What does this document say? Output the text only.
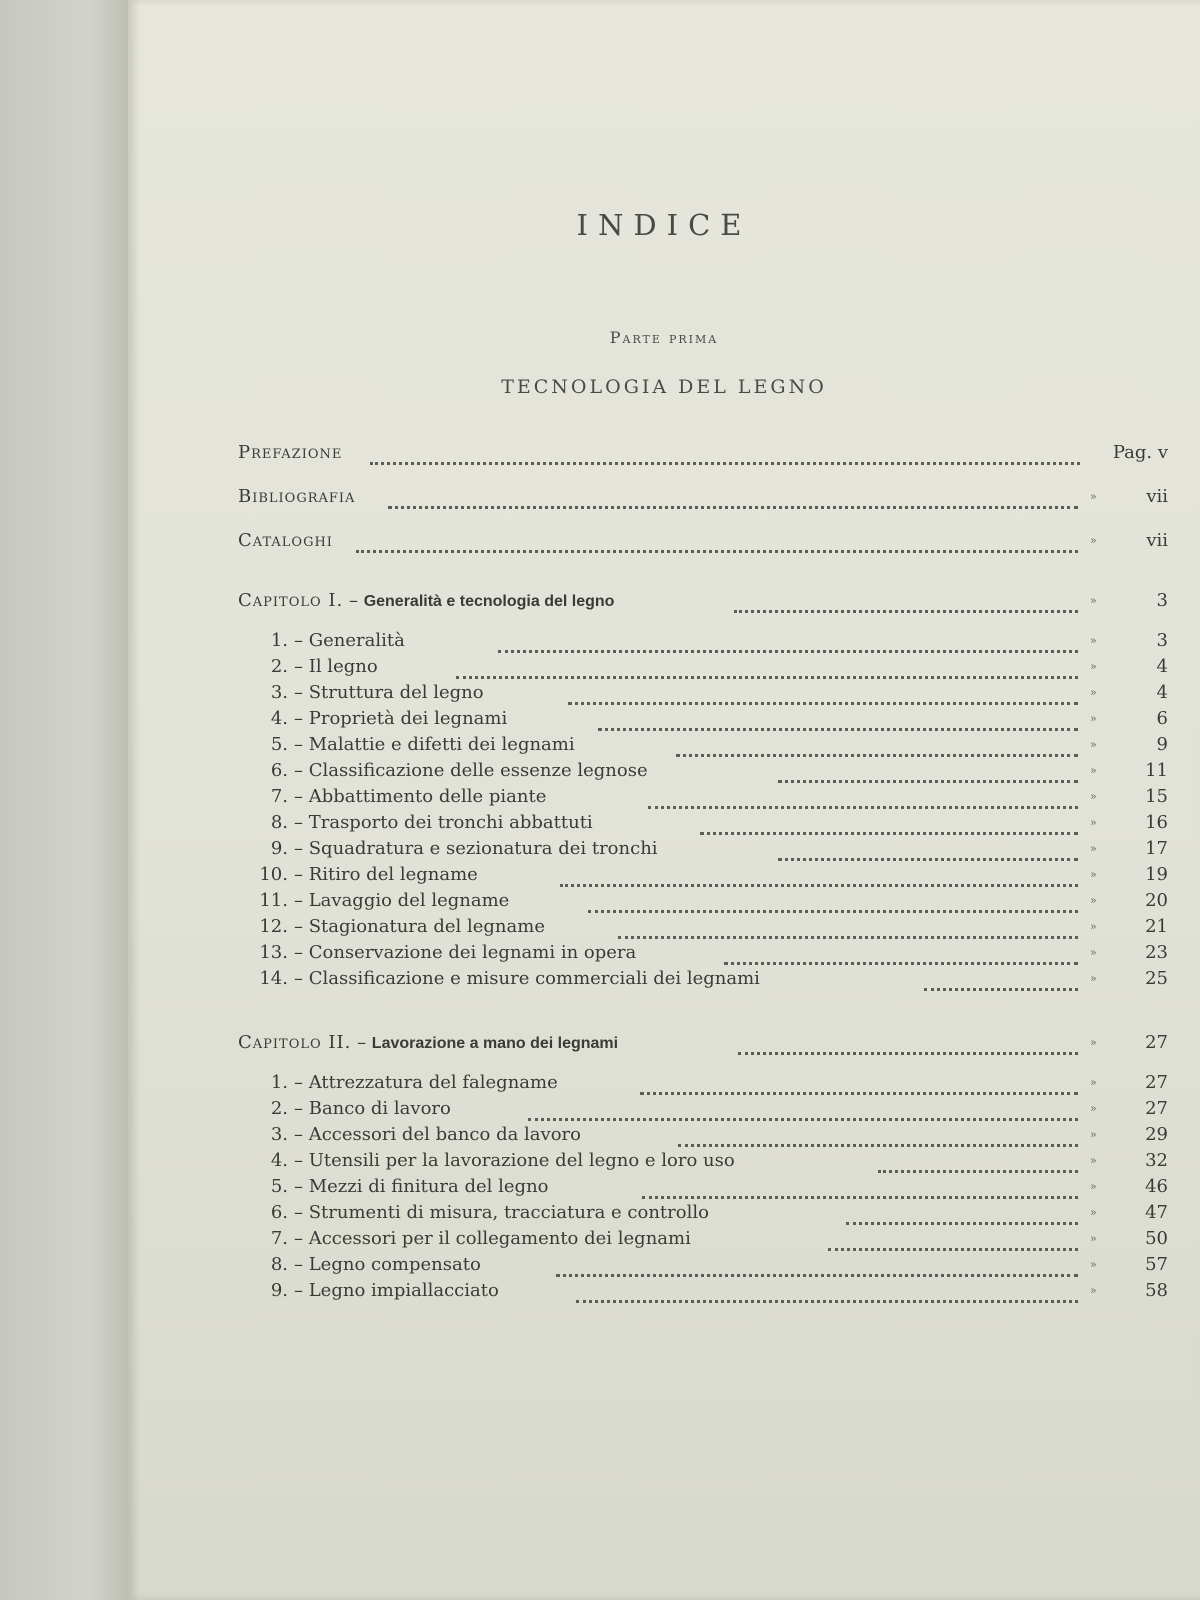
INDICE
Parte prima
TECNOLOGIA DEL LEGNO
Prefazione	Pag. v
Bibliografia	»	vii
Cataloghi	»	vii
Capitolo I. – Generalità e tecnologia del legno	»	3
1. – Generalità	»	3
2. – Il legno	»	4
3. – Struttura del legno	»	4
4. – Proprietà dei legnami	»	6
5. – Malattie e difetti dei legnami	»	9
6. – Classificazione delle essenze legnose	»	11
7. – Abbattimento delle piante	»	15
8. – Trasporto dei tronchi abbattuti	»	16
9. – Squadratura e sezionatura dei tronchi	»	17
10. – Ritiro del legname	»	19
11. – Lavaggio del legname	»	20
12. – Stagionatura del legname	»	21
13. – Conservazione dei legnami in opera	»	23
14. – Classificazione e misure commerciali dei legnami	»	25
Capitolo II. – Lavorazione a mano dei legnami	»	27
1. – Attrezzatura del falegname	»	27
2. – Banco di lavoro	»	27
3. – Accessori del banco da lavoro	»	29
4. – Utensili per la lavorazione del legno e loro uso	»	32
5. – Mezzi di finitura del legno	»	46
6. – Strumenti di misura, tracciatura e controllo	»	47
7. – Accessori per il collegamento dei legnami	»	50
8. – Legno compensato	»	57
9. – Legno impiallacciato	»	58
